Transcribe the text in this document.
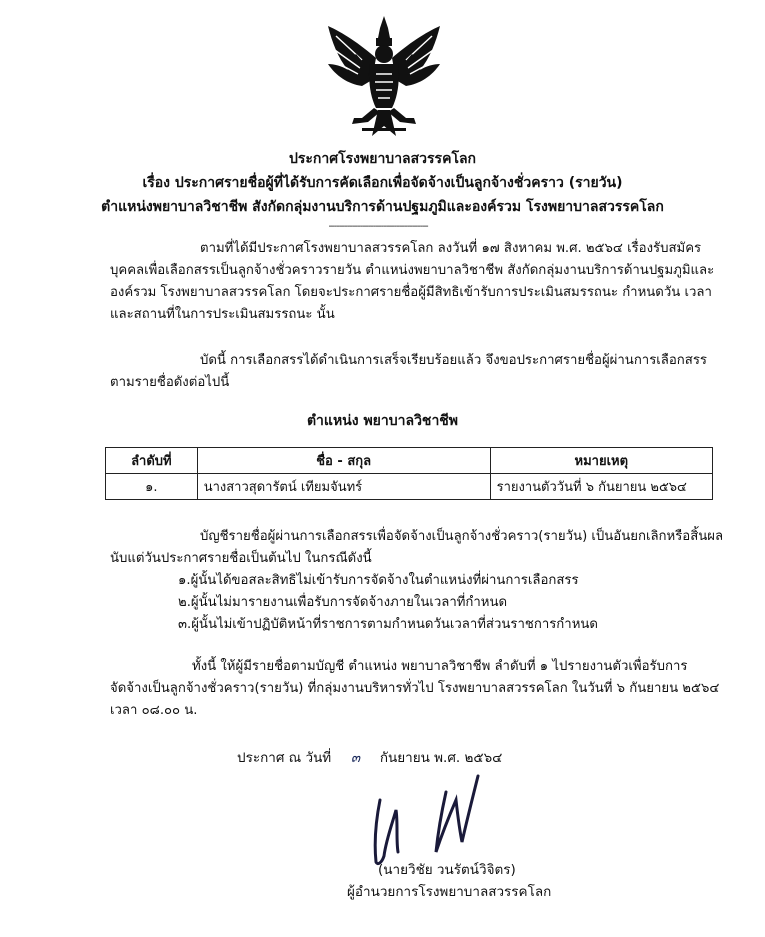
ประกาศโรงพยาบาลสวรรคโลก
เรื่อง ประกาศรายชื่อผู้ที่ได้รับการคัดเลือกเพื่อจัดจ้างเป็นลูกจ้างชั่วคราว (รายวัน)
ตำแหน่งพยาบาลวิชาชีพ สังกัดกลุ่มงานบริการด้านปฐมภูมิและองค์รวม โรงพยาบาลสวรรคโลก
--------------------------------------

ตามที่ได้มีประกาศโรงพยาบาลสวรรคโลก ลงวันที่ ๑๗ สิงหาคม พ.ศ. ๒๕๖๔ เรื่องรับสมัคร

บุคคลเพื่อเลือกสรรเป็นลูกจ้างชั่วคราวรายวัน ตำแหน่งพยาบาลวิชาชีพ สังกัดกลุ่มงานบริการด้านปฐมภูมิและ

องค์รวม โรงพยาบาลสวรรคโลก โดยจะประกาศรายชื่อผู้มีสิทธิเข้ารับการประเมินสมรรถนะ กำหนดวัน เวลา

และสถานที่ในการประเมินสมรรถนะ นั้น

บัดนี้ การเลือกสรรได้ดำเนินการเสร็จเรียบร้อยแล้ว จึงขอประกาศรายชื่อผู้ผ่านการเลือกสรร

ตามรายชื่อดังต่อไปนี้

ตำแหน่ง พยาบาลวิชาชีพ
ลำดับที่	ชื่อ - สกุล	หมายเหตุ
๑.	นางสาวสุดารัตน์ เทียมจันทร์	รายงานตัววันที่ ๖ กันยายน ๒๕๖๔

บัญชีรายชื่อผู้ผ่านการเลือกสรรเพื่อจัดจ้างเป็นลูกจ้างชั่วคราว(รายวัน) เป็นอันยกเลิกหรือสิ้นผล

นับแต่วันประกาศรายชื่อเป็นต้นไป ในกรณีดังนี้

๑.ผู้นั้นได้ขอสละสิทธิไม่เข้ารับการจัดจ้างในตำแหน่งที่ผ่านการเลือกสรร

๒.ผู้นั้นไม่มารายงานเพื่อรับการจัดจ้างภายในเวลาที่กำหนด

๓.ผู้นั้นไม่เข้าปฏิบัติหน้าที่ราชการตามกำหนดวันเวลาที่ส่วนราชการกำหนด

ทั้งนี้ ให้ผู้มีรายชื่อตามบัญชี ตำแหน่ง พยาบาลวิชาชีพ ลำดับที่ ๑ ไปรายงานตัวเพื่อรับการ

จัดจ้างเป็นลูกจ้างชั่วคราว(รายวัน) ที่กลุ่มงานบริหารทั่วไป โรงพยาบาลสวรรคโลก ในวันที่ ๖ กันยายน ๒๕๖๔

เวลา ๐๘.๐๐ น.

ประกาศ ณ วันที่ ๓ กันยายน พ.ศ. ๒๕๖๔
(นายวิชัย วนรัตน์วิจิตร)
ผู้อำนวยการโรงพยาบาลสวรรคโลก
